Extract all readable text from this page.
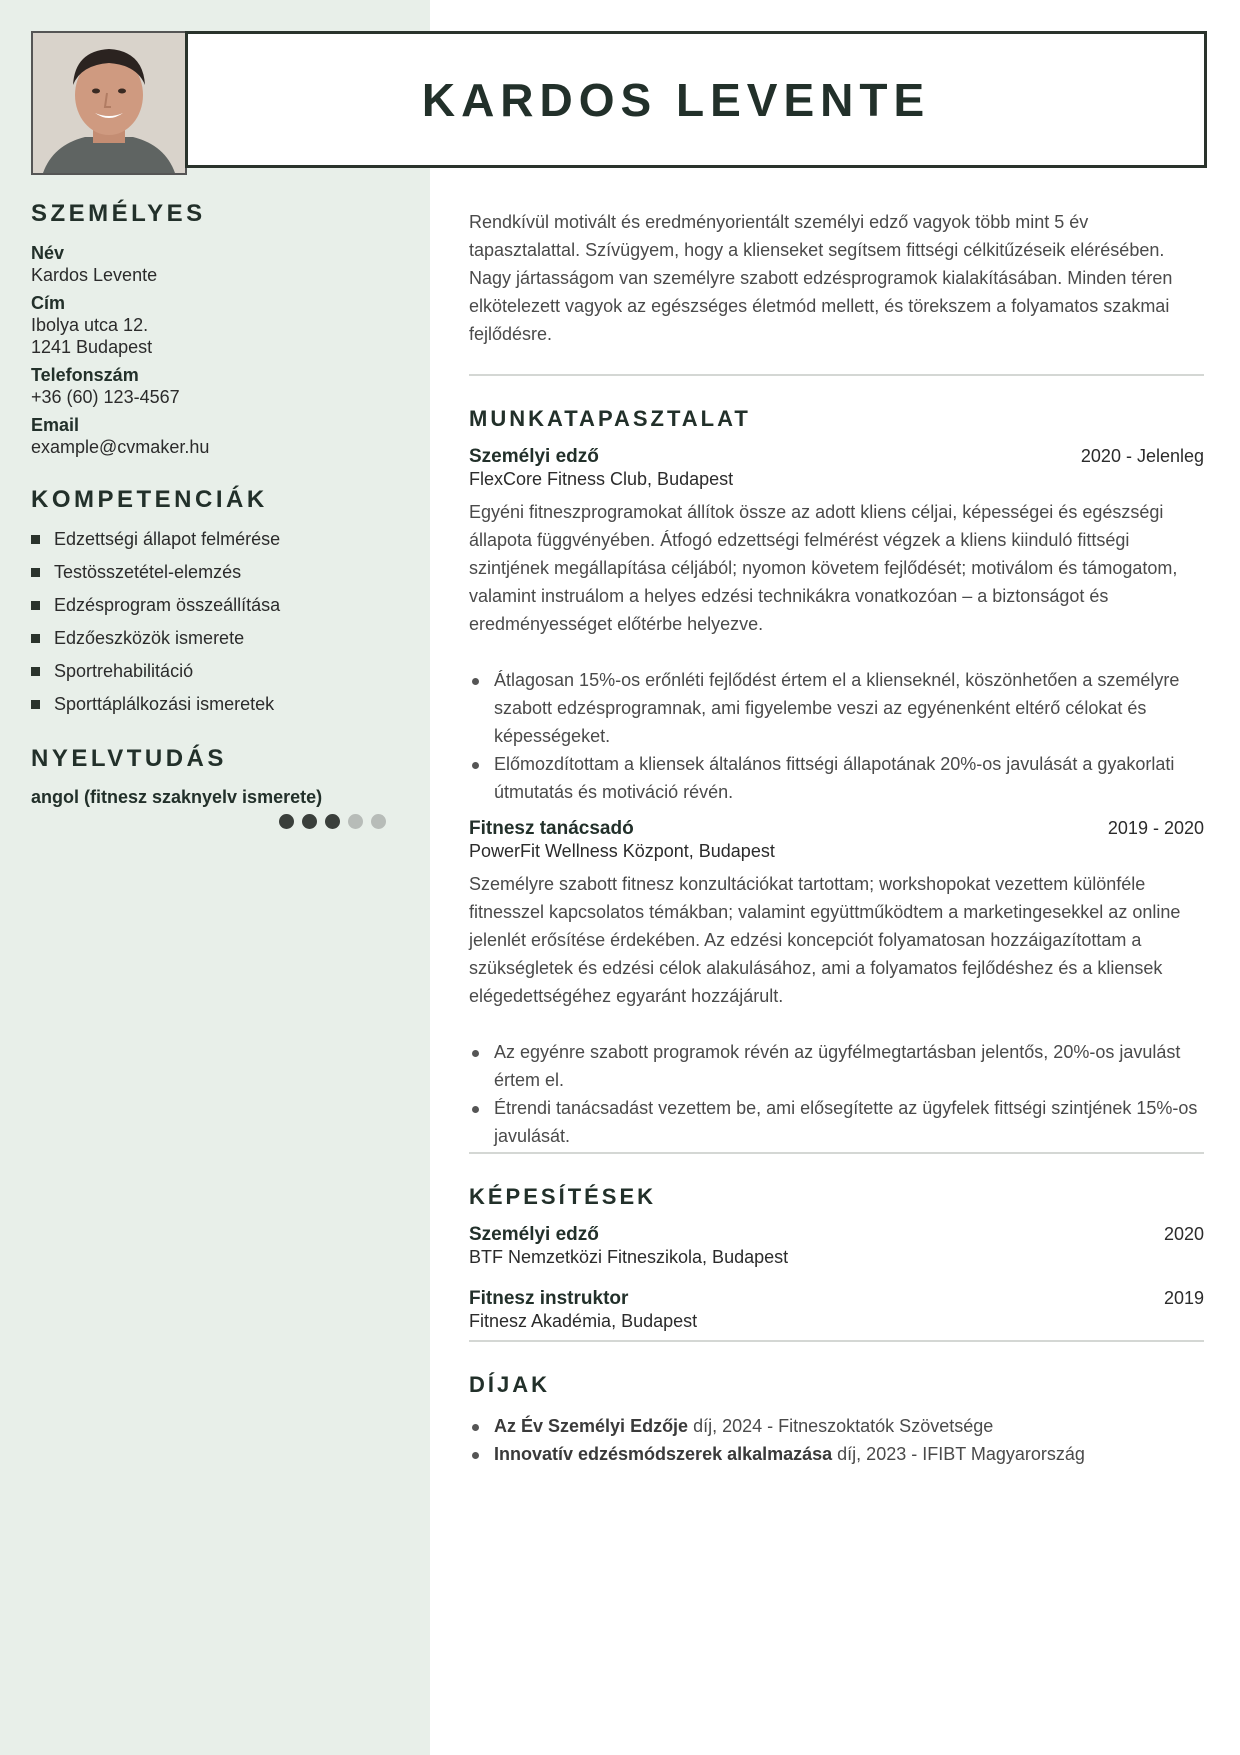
KARDOS LEVENTE
SZEMÉLYES
Név
Kardos Levente
Cím
Ibolya utca 12.
1241 Budapest
Telefonszám
+36 (60) 123-4567
Email
example@cvmaker.hu
KOMPETENCIÁK
Edzettségi állapot felmérése
Testösszetétel-elemzés
Edzésprogram összeállítása
Edzőeszközök ismerete
Sportrehabilitáció
Sporttáplálkozási ismeretek
NYELVTUDÁS
angol (fitnesz szaknyelv ismerete)

Rendkívül motivált és eredményorientált személyi edző vagyok több mint 5 év tapasztalattal. Szívügyem, hogy a klienseket segítsem fittségi célkitűzéseik elérésében. Nagy jártasságom van személyre szabott edzésprogramok kialakításában. Minden téren elkötelezett vagyok az egészséges életmód mellett, és törekszem a folyamatos szakmai fejlődésre.

MUNKATAPASZTALAT
Személyi edző	2020 - Jelenleg
FlexCore Fitness Club, Budapest

Egyéni fitneszprogramokat állítok össze az adott kliens céljai, képességei és egészségi állapota függvényében. Átfogó edzettségi felmérést végzek a kliens kiinduló fittségi szintjének megállapítása céljából; nyomon követem fejlődését; motiválom és támogatom, valamint instruálom a helyes edzési technikákra vonatkozóan – a biztonságot és eredményességet előtérbe helyezve.

Átlagosan 15%-os erőnléti fejlődést értem el a klienseknél, köszönhetően a személyre szabott edzésprogramnak, ami figyelembe veszi az egyénenként eltérő célokat és képességeket.
Előmozdítottam a kliensek általános fittségi állapotának 20%-os javulását a gyakorlati útmutatás és motiváció révén.
Fitnesz tanácsadó	2019 - 2020
PowerFit Wellness Központ, Budapest

Személyre szabott fitnesz konzultációkat tartottam; workshopokat vezettem különféle fitnesszel kapcsolatos témákban; valamint együttműködtem a marketingesekkel az online jelenlét erősítése érdekében. Az edzési koncepciót folyamatosan hozzáigazítottam a szükségletek és edzési célok alakulásához, ami a folyamatos fejlődéshez és a kliensek elégedettségéhez egyaránt hozzájárult.

Az egyénre szabott programok révén az ügyfélmegtartásban jelentős, 20%-os javulást értem el.
Étrendi tanácsadást vezettem be, ami elősegítette az ügyfelek fittségi szintjének 15%-os javulását.
KÉPESÍTÉSEK
Személyi edző	2020
BTF Nemzetközi Fitneszikola, Budapest
Fitnesz instruktor	2019
Fitnesz Akadémia, Budapest
DÍJAK
Az Év Személyi Edzője díj, 2024 - Fitneszoktatók Szövetsége
Innovatív edzésmódszerek alkalmazása díj, 2023 - IFIBT Magyarország
